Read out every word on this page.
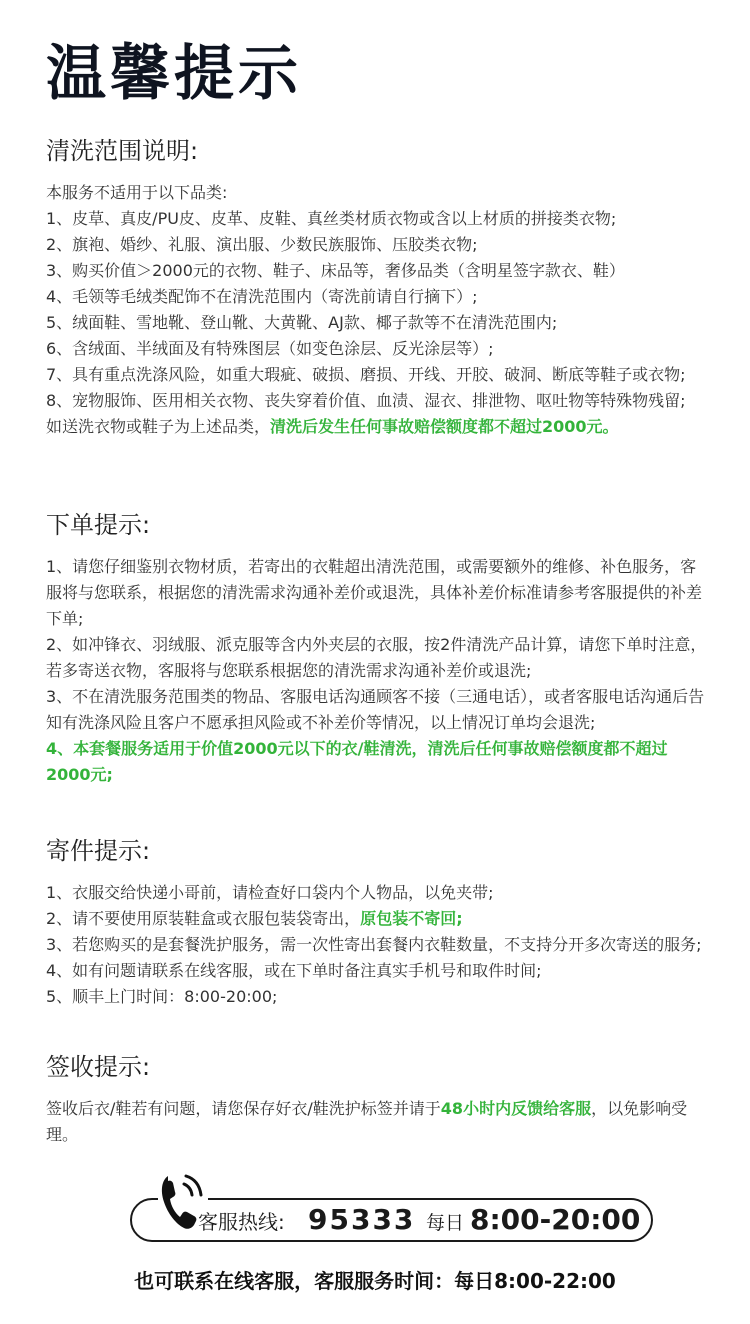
温馨提示
清洗范围说明:

本服务不适用于以下品类:

1、皮草、真皮/PU皮、皮革、皮鞋、真丝类材质衣物或含以上材质的拼接类衣物;

2、旗袍、婚纱、礼服、演出服、少数民族服饰、压胶类衣物;

3、购买价值＞2000元的衣物、鞋子、床品等，奢侈品类（含明星签字款衣、鞋）

4、毛领等毛绒类配饰不在清洗范围内（寄洗前请自行摘下）;

5、绒面鞋、雪地靴、登山靴、大黄靴、AJ款、椰子款等不在清洗范围内;

6、含绒面、半绒面及有特殊图层（如变色涂层、反光涂层等）;

7、具有重点洗涤风险，如重大瑕疵、破损、磨损、开线、开胶、破洞、断底等鞋子或衣物;

8、宠物服饰、医用相关衣物、丧失穿着价值、血渍、湿衣、排泄物、呕吐物等特殊物残留;

如送洗衣物或鞋子为上述品类，清洗后发生任何事故赔偿额度都不超过2000元。

下单提示:

1、请您仔细鉴别衣物材质，若寄出的衣鞋超出清洗范围，或需要额外的维修、补色服务，客服将与您联系，根据您的清洗需求沟通补差价或退洗，具体补差价标准请参考客服提供的补差下单;

2、如冲锋衣、羽绒服、派克服等含内外夹层的衣服，按2件清洗产品计算，请您下单时注意，若多寄送衣物，客服将与您联系根据您的清洗需求沟通补差价或退洗;

3、不在清洗服务范围类的物品、客服电话沟通顾客不接（三通电话），或者客服电话沟通后告知有洗涤风险且客户不愿承担风险或不补差价等情况，以上情况订单均会退洗;

4、本套餐服务适用于价值2000元以下的衣/鞋清洗，清洗后任何事故赔偿额度都不超过2000元;

寄件提示:

1、衣服交给快递小哥前，请检查好口袋内个人物品，以免夹带;

2、请不要使用原装鞋盒或衣服包装袋寄出，原包装不寄回;

3、若您购买的是套餐洗护服务，需一次性寄出套餐内衣鞋数量，不支持分开多次寄送的服务;

4、如有问题请联系在线客服，或在下单时备注真实手机号和取件时间;

5、顺丰上门时间：8:00-20:00;

签收提示:

签收后衣/鞋若有问题，请您保存好衣/鞋洗护标签并请于48小时内反馈给客服，以免影响受理。

客服热线: 95333 每日 8:00-20:00
也可联系在线客服，客服服务时间：每日8:00-22:00
